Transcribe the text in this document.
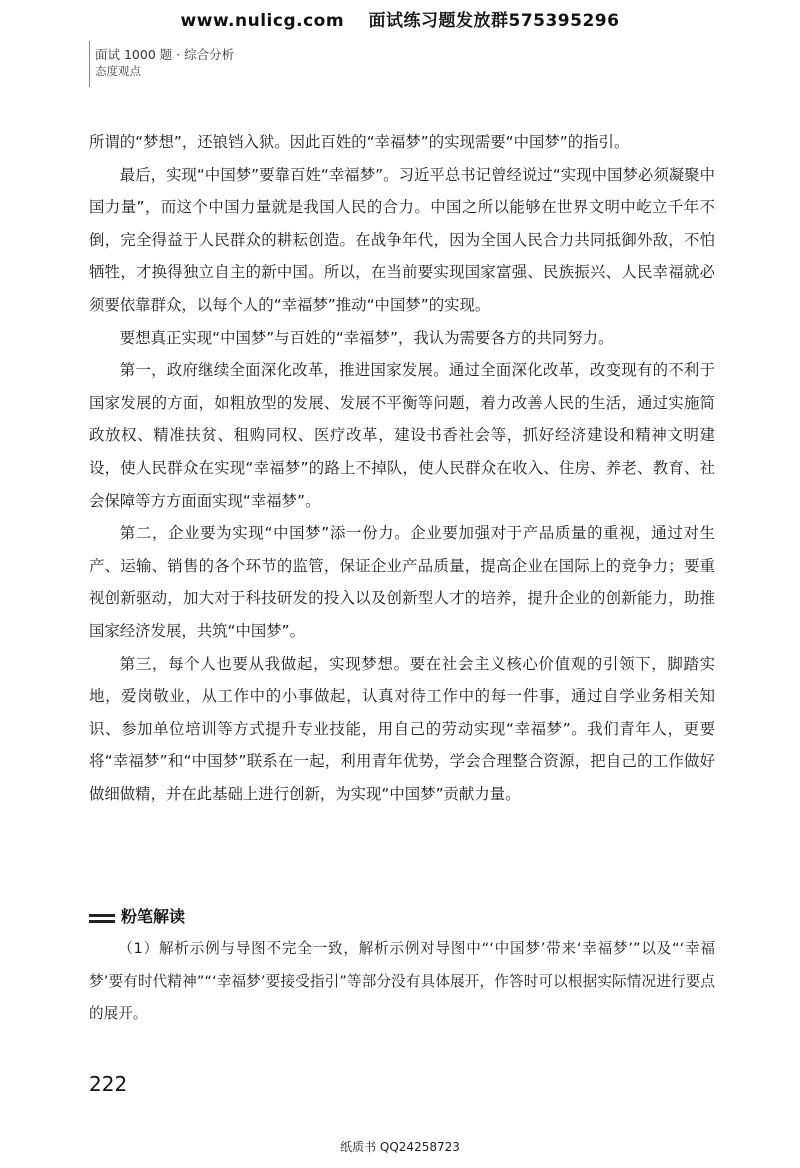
www.nulicg.com 面试练习题发放群575395296
面试 1000 题 · 综合分析
态度观点

所谓的“梦想”，还锒铛入狱。因此百姓的“幸福梦”的实现需要“中国梦”的指引。

最后，实现“中国梦”要靠百姓“幸福梦”。习近平总书记曾经说过“实现中国梦必须凝聚中国力量”，而这个中国力量就是我国人民的合力。中国之所以能够在世界文明中屹立千年不倒，完全得益于人民群众的耕耘创造。在战争年代，因为全国人民合力共同抵御外敌，不怕牺牲，才换得独立自主的新中国。所以，在当前要实现国家富强、民族振兴、人民幸福就必须要依靠群众，以每个人的“幸福梦”推动“中国梦”的实现。

要想真正实现“中国梦”与百姓的“幸福梦”，我认为需要各方的共同努力。

第一，政府继续全面深化改革，推进国家发展。通过全面深化改革，改变现有的不利于国家发展的方面，如粗放型的发展、发展不平衡等问题，着力改善人民的生活，通过实施简政放权、精准扶贫、租购同权、医疗改革，建设书香社会等，抓好经济建设和精神文明建设，使人民群众在实现“幸福梦”的路上不掉队，使人民群众在收入、住房、养老、教育、社会保障等方方面面实现“幸福梦”。

第二，企业要为实现“中国梦”添一份力。企业要加强对于产品质量的重视，通过对生产、运输、销售的各个环节的监管，保证企业产品质量，提高企业在国际上的竞争力；要重视创新驱动，加大对于科技研发的投入以及创新型人才的培养，提升企业的创新能力，助推国家经济发展，共筑“中国梦”。

第三，每个人也要从我做起，实现梦想。要在社会主义核心价值观的引领下，脚踏实地，爱岗敬业，从工作中的小事做起，认真对待工作中的每一件事，通过自学业务相关知识、参加单位培训等方式提升专业技能，用自己的劳动实现“幸福梦”。我们青年人，更要将“幸福梦”和“中国梦”联系在一起，利用青年优势，学会合理整合资源，把自己的工作做好做细做精，并在此基础上进行创新，为实现“中国梦”贡献力量。

粉笔解读
（1）解析示例与导图不完全一致，解析示例对导图中“‘中国梦’带来‘幸福梦’”以及“‘幸福梦’要有时代精神”“‘幸福梦’要接受指引”等部分没有具体展开，作答时可以根据实际情况进行要点的展开。
222
纸质书 QQ24258723
